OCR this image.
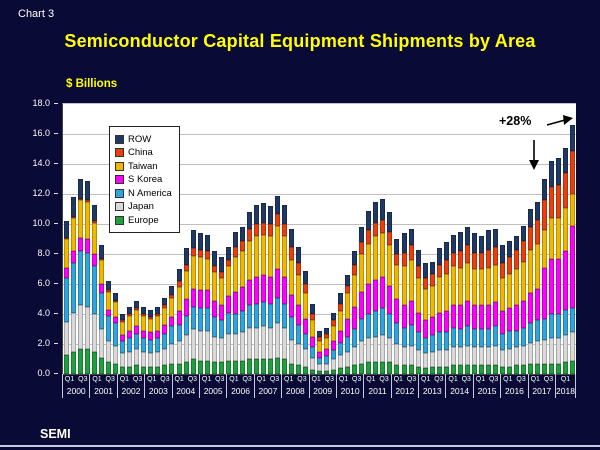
Chart 3
Semiconductor Capital Equipment Shipments by Area
$ Billions
0.0
2.0
4.0
6.0
8.0
10.0
12.0
14.0
16.0
18.0
ROW
China
Taiwan
S Korea
N America
Japan
Europe
+28%
Q1 Q3
2000
Q1 Q3
2001
Q1 Q3
2002
Q1 Q3
2003
Q1 Q3
2004
Q1 Q3
2005
Q1 Q3
2006
Q1 Q3
2007
Q1 Q3
2008
Q1 Q3
2009
Q1 Q3
2010
Q1 Q3
2011
Q1 Q3
2012
Q1 Q3
2013
Q1 Q3
2014
Q1 Q3
2015
Q1 Q3
2016
Q1 Q3
2017
Q1
2018
SEMI
